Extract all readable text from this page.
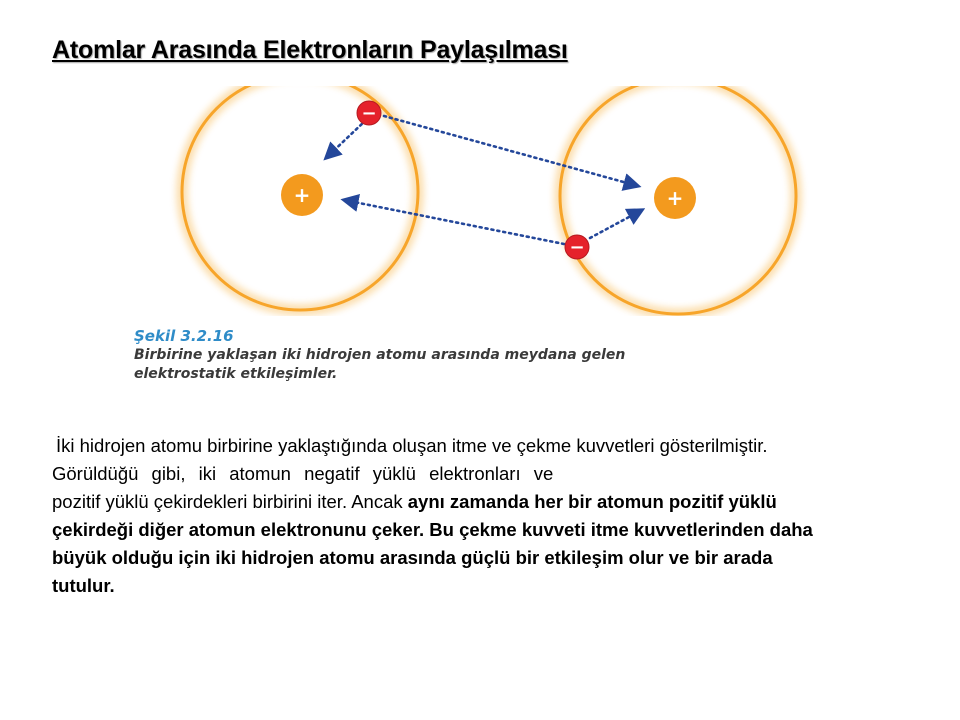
Atomlar Arasında Elektronların Paylaşılması
+	+
−
−
Şekil 3.2.16
Birbirine yaklaşan iki hidrojen atomu arasında meydana gelen
elektrostatik etkileşimler.

İki hidrojen atomu birbirine yaklaştığında oluşan itme ve çekme kuvvetleri gösterilmiştir.

Görüldüğü gibi, iki atomun negatif yüklü elektronları ve

pozitif yüklü çekirdekleri birbirini iter. Ancak aynı zamanda her bir atomun pozitif yüklü

çekirdeği diğer atomun elektronunu çeker. Bu çekme kuvveti itme kuvvetlerinden daha

büyük olduğu için iki hidrojen atomu arasında güçlü bir etkileşim olur ve bir arada

tutulur.
